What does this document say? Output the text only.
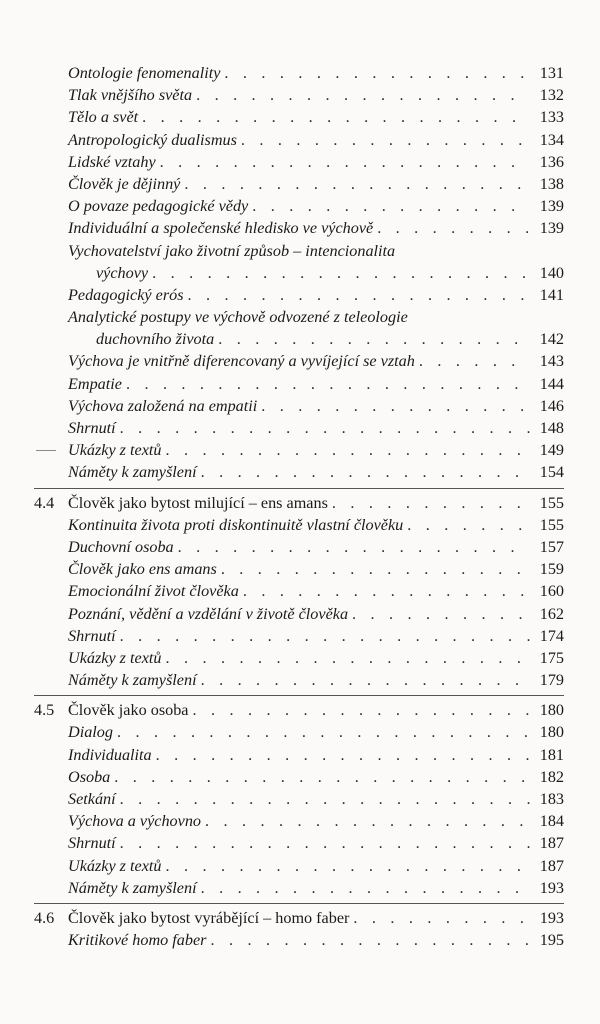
Ontologie fenomenality . . .	131
Tlak vnějšího světa . . .	132
Tělo a svět . . .	133
Antropologický dualismus . . .	134
Lidské vztahy . . .	136
Člověk je dějinný . . .	138
O povaze pedagogické vědy . . .	139
Individuální a společenské hledisko ve výchově . . .	139
Vychovatelství jako životní způsob – intencionalita
výchovy . . .	140
Pedagogický erós . . .	141
Analytické postupy ve výchově odvozené z teleologie
duchovního života . . .	142
Výchova je vnitřně diferencovaný a vyvíjející se vztah . . .	143
Empatie . . .	144
Výchova založená na empatii . . .	146
Shrnutí . . .	148
Ukázky z textů . . .	149
Náměty k zamyšlení . . .	154
4.4 Člověk jako bytost milující – ens amans . . .	155
Kontinuita života proti diskontinuitě vlastní člověku . . .	155
Duchovní osoba . . .	157
Člověk jako ens amans . . .	159
Emocionální život člověka . . .	160
Poznání, vědění a vzdělání v životě člověka . . .	162
Shrnutí . . .	174
Ukázky z textů . . .	175
Náměty k zamyšlení . . .	179
4.5 Člověk jako osoba . . .	180
Dialog . . .	180
Individualita . . .	181
Osoba . . .	182
Setkání . . .	183
Výchova a výchovno . . .	184
Shrnutí . . .	187
Ukázky z textů . . .	187
Náměty k zamyšlení . . .	193
4.6 Člověk jako bytost vyrábějící – homo faber . . .	193
Kritikové homo faber . . .	195
